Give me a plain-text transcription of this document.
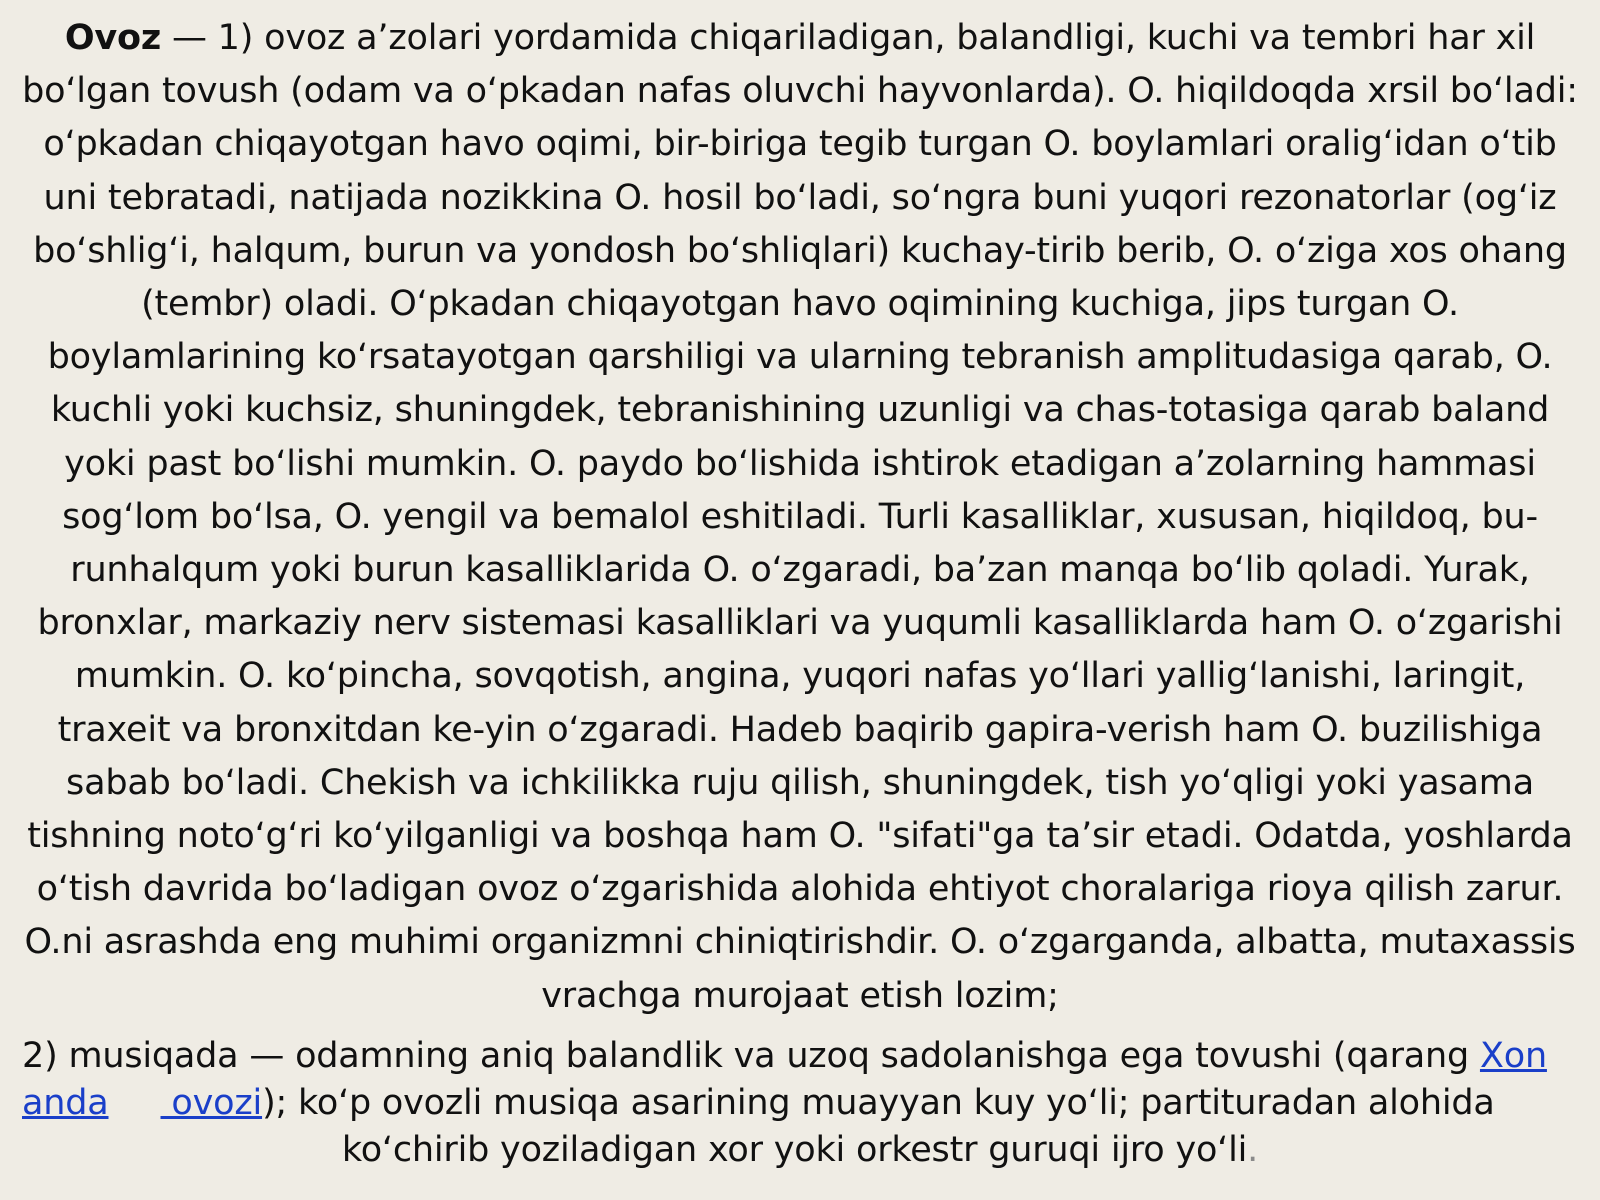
Ovoz — 1) ovoz a’zolari yordamida chiqariladigan, balandligi, kuchi va tembri har xil bo‘lgan tovush (odam va o‘pkadan nafas oluvchi hayvonlarda). O. hiqildoqda xrsil bo‘ladi: o‘pkadan chiqayotgan havo oqimi, bir-biriga tegib turgan O. boylamlari oralig‘idan o‘tib uni tebratadi, natijada nozikkina O. hosil bo‘ladi, so‘ngra buni yuqori rezonatorlar (og‘iz bo‘shlig‘i, halqum, burun va yondosh bo‘shliqlari) kuchay-tirib berib, O. o‘ziga xos ohang (tembr) oladi. O‘pkadan chiqayotgan havo oqimining kuchiga, jips turgan O. boylamlarining ko‘rsatayotgan qarshiligi va ularning tebranish amplitudasiga qarab, O. kuchli yoki kuchsiz, shuningdek, tebranishining uzunligi va chas-totasiga qarab baland yoki past bo‘lishi mumkin. O. paydo bo‘lishida ishtirok etadigan a’zolarning hammasi sog‘lom bo‘lsa, O. yengil va bemalol eshitiladi. Turli kasalliklar, xususan, hiqildoq, bu-runhalqum yoki burun kasalliklarida O. o‘zgaradi, ba’zan manqa bo‘lib qoladi. Yurak, bronxlar, markaziy nerv sistemasi kasalliklari va yuqumli kasalliklarda ham O. o‘zgarishi mumkin. O. ko‘pincha, sovqotish, angina, yuqori nafas yo‘llari yallig‘lanishi, laringit, traxeit va bronxitdan ke-yin o‘zgaradi. Hadeb baqirib gapira-verish ham O. buzilishiga sabab bo‘ladi. Chekish va ichkilikka ruju qilish, shuningdek, tish yo‘qligi yoki yasama tishning noto‘g‘ri ko‘yilganligi va boshqa ham O. "sifati"ga ta’sir etadi. Odatda, yoshlarda o‘tish davrida bo‘ladigan ovoz o‘zgarishida alohida ehtiyot choralariga rioya qilish zarur. O.ni asrashda eng muhimi organizmni chiniqtirishdir. O. o‘zgarganda, albatta, mutaxassis vrachga murojaat etish lozim;

2) musiqada — odamning aniq balandlik va uzoq sadolanishga ega tovushi (qarang Xon
anda ovozi); ko‘p ovozli musiqa asarining muayyan kuy yo‘li; partituradan alohida
ko‘chirib yoziladigan xor yoki orkestr guruqi ijro yo‘li.
